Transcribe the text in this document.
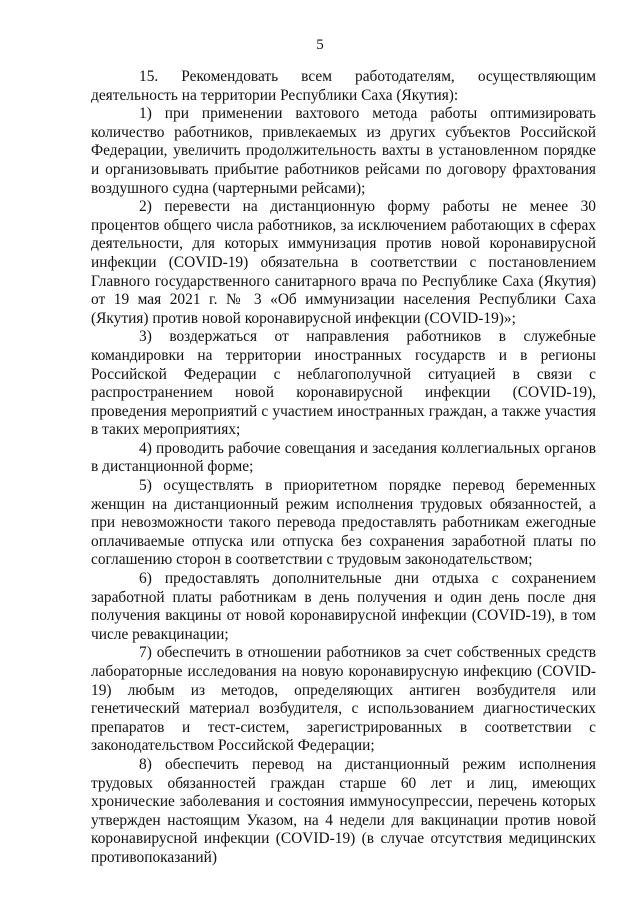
5

15. Рекомендовать всем работодателям, осуществляющим деятельность на территории Республики Саха (Якутия):

1) при применении вахтового метода работы оптимизировать количество работников, привлекаемых из других субъектов Российской Федерации, увеличить продолжительность вахты в установленном порядке и организовывать прибытие работников рейсами по договору фрахтования воздушного судна (чартерными рейсами);

2) перевести на дистанционную форму работы не менее 30 процентов общего числа работников, за исключением работающих в сферах деятельности, для которых иммунизация против новой коронавирусной инфекции (COVID-19) обязательна в соответствии с постановлением Главного государственного санитарного врача по Республике Саха (Якутия) от 19 мая 2021 г. № 3 «Об иммунизации населения Республики Саха (Якутия) против новой коронавирусной инфекции (COVID-19)»;

3) воздержаться от направления работников в служебные командировки на территории иностранных государств и в регионы Российской Федерации с неблагополучной ситуацией в связи с распространением новой коронавирусной инфекции (COVID-19), проведения мероприятий с участием иностранных граждан, а также участия в таких мероприятиях;

4) проводить рабочие совещания и заседания коллегиальных органов в дистанционной форме;

5) осуществлять в приоритетном порядке перевод беременных женщин на дистанционный режим исполнения трудовых обязанностей, а при невозможности такого перевода предоставлять работникам ежегодные оплачиваемые отпуска или отпуска без сохранения заработной платы по соглашению сторон в соответствии с трудовым законодательством;

6) предоставлять дополнительные дни отдыха с сохранением заработной платы работникам в день получения и один день после дня получения вакцины от новой коронавирусной инфекции (COVID-19), в том числе ревакцинации;

7) обеспечить в отношении работников за счет собственных средств лабораторные исследования на новую коронавирусную инфекцию (COVID-19) любым из методов, определяющих антиген возбудителя или генетический материал возбудителя, с использованием диагностических препаратов и тест-систем, зарегистрированных в соответствии с законодательством Российской Федерации;

8) обеспечить перевод на дистанционный режим исполнения трудовых обязанностей граждан старше 60 лет и лиц, имеющих хронические заболевания и состояния иммуносупрессии, перечень которых утвержден настоящим Указом, на 4 недели для вакцинации против новой коронавирусной инфекции (COVID-19) (в случае отсутствия медицинских противопоказаний)
